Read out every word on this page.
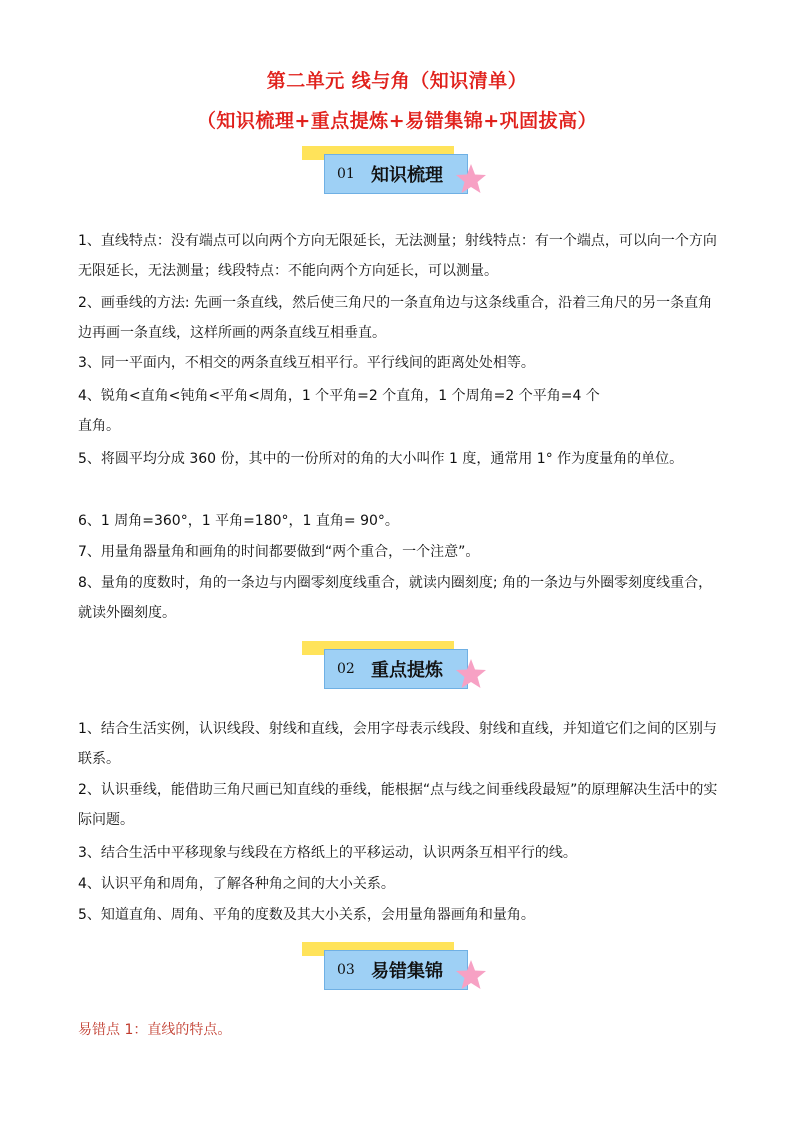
第二单元 线与角（知识清单）
（知识梳理+重点提炼+易错集锦+巩固拔高）
01 知识梳理

1、直线特点：没有端点可以向两个方向无限延长，无法测量；射线特点：有一个端点，可以向一个方向无限延长，无法测量；线段特点：不能向两个方向延长，可以测量。

2、画垂线的方法: 先画一条直线，然后使三角尺的一条直角边与这条线重合，沿着三角尺的另一条直角边再画一条直线，这样所画的两条直线互相垂直。

3、同一平面内，不相交的两条直线互相平行。平行线间的距离处处相等。

4、锐角<直角<钝角<平角<周角，1 个平角=2 个直角，1 个周角=2 个平角=4 个

直角。

5、将圆平均分成 360 份，其中的一份所对的角的大小叫作 1 度，通常用 1° 作为度量角的单位。

6、1 周角=360°，1 平角=180°，1 直角= 90°。

7、用量角器量角和画角的时间都要做到“两个重合，一个注意”。

8、量角的度数时，角的一条边与内圈零刻度线重合，就读内圈刻度; 角的一条边与外圈零刻度线重合，就读外圈刻度。

02 重点提炼

1、结合生活实例，认识线段、射线和直线，会用字母表示线段、射线和直线，并知道它们之间的区别与联系。

2、认识垂线，能借助三角尺画已知直线的垂线，能根据“点与线之间垂线段最短”的原理解决生活中的实际问题。

3、结合生活中平移现象与线段在方格纸上的平移运动，认识两条互相平行的线。

4、认识平角和周角，了解各种角之间的大小关系。

5、知道直角、周角、平角的度数及其大小关系，会用量角器画角和量角。

03 易错集锦

易错点 1：直线的特点。
